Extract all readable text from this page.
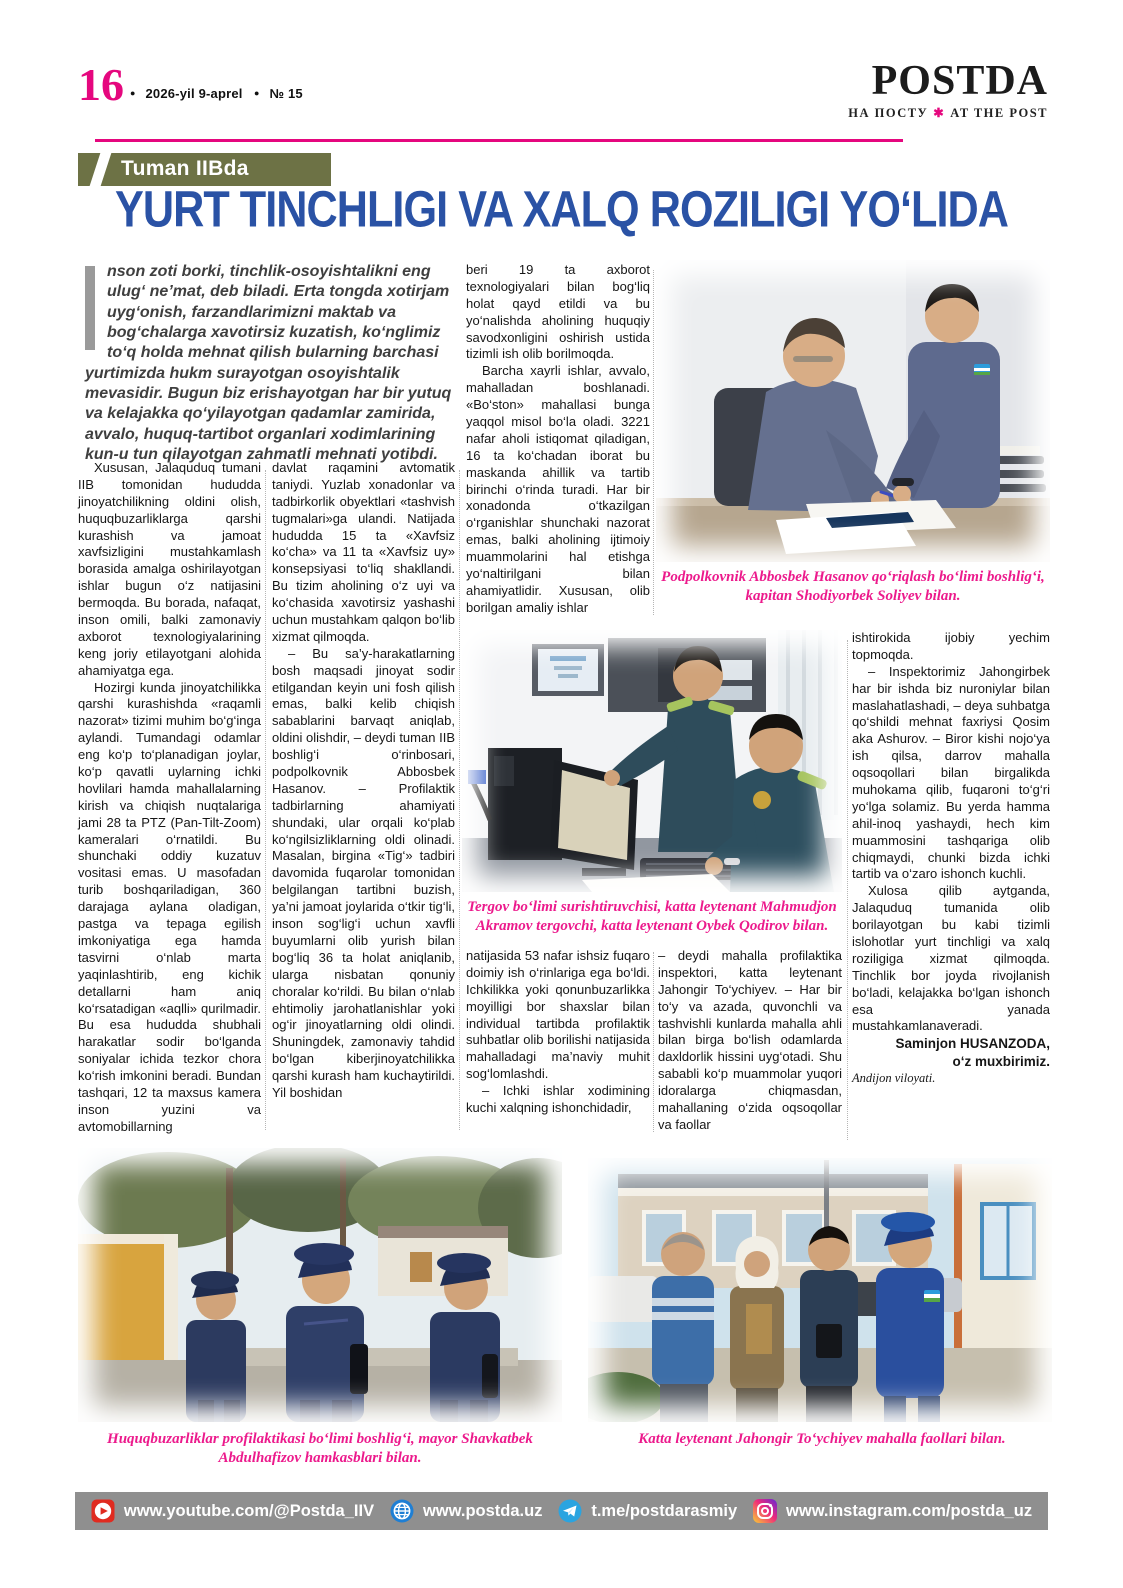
16 ● 2026-yil 9-aprel ● № 15	POSTDA
НА ПОСТУ ✱ AT THE POST
Tuman IIBda
YURT TINCHLIGI VA XALQ ROZILIGI YO‘LIDA
nson zoti borki, tinchlik-osoyishtalikni eng ulug‘ ne’mat, deb biladi. Erta tongda xotirjam uyg‘onish, farzandlarimizni maktab va bog‘chalarga xavotirsiz kuzatish, ko‘nglimiz to‘q holda mehnat qilish bularning barchasi yurtimizda hukm surayotgan osoyishtalik mevasidir. Bugun biz erishayotgan har bir yutuq va kelajakka qo‘yilayotgan qadamlar zamirida, avvalo, huquq-tartibot organlari xodimlarining kun-u tun qilayotgan zahmatli mehnati yotibdi.

Xususan, Jalaquduq tumani IIB tomonidan hududda jinoyatchilikning oldini olish, huquqbuzarliklarga qarshi kurashish va jamoat xavfsizligini mustahkamlash borasida amalga oshirilayotgan ishlar bugun o‘z natijasini bermoqda. Bu borada, nafaqat, inson omili, balki zamonaviy axborot texnologiyalarining keng joriy etilayotgani alohida ahamiyatga ega.

Hozirgi kunda jinoyatchilikka qarshi kurashishda «raqamli nazorat» tizimi muhim bo‘g‘inga aylandi. Tumandagi odamlar eng ko‘p to‘planadigan joylar, ko‘p qavatli uylarning ichki hovlilari hamda mahallalarning kirish va chiqish nuqtalariga jami 28 ta PTZ (Pan-Tilt-Zoom) kameralari o‘rnatildi. Bu shunchaki oddiy kuzatuv vositasi emas. U masofadan turib boshqariladigan, 360 darajaga aylana oladigan, pastga va tepaga egilish imkoniyatiga ega hamda tasvirni o‘nlab marta yaqinlashtirib, eng kichik detallarni ham aniq ko‘rsatadigan «aqlli» qurilmadir. Bu esa hududda shubhali harakatlar sodir bo‘lganda soniyalar ichida tezkor chora ko‘rish imkonini beradi. Bundan tashqari, 12 ta maxsus kamera inson yuzini va avtomobillarning

davlat raqamini avtomatik taniydi. Yuzlab xonadonlar va tadbirkorlik obyektlari «tashvish tugmalari»ga ulandi. Natijada hududda 15 ta «Xavfsiz ko‘cha» va 11 ta «Xavfsiz uy» konsepsiyasi to‘liq shakllandi. Bu tizim aholining o‘z uyi va ko‘chasida xavotirsiz yashashi uchun mustahkam qalqon bo‘lib xizmat qilmoqda.

– Bu sa’y-harakatlarning bosh maqsadi jinoyat sodir etilgandan keyin uni fosh qilish emas, balki kelib chiqish sabablarini barvaqt aniqlab, oldini olishdir, – deydi tuman IIB boshlig‘i o‘rinbosari, podpolkovnik Abbosbek Hasanov. – Profilaktik tadbirlarning ahamiyati shundaki, ular orqali ko‘plab ko‘ngilsizliklarning oldi olinadi. Masalan, birgina «Tig‘» tadbiri davomida fuqarolar tomonidan belgilangan tartibni buzish, ya’ni jamoat joylarida o‘tkir tig‘li, inson sog‘lig‘i uchun xavfli buyumlarni olib yurish bilan bog‘liq 36 ta holat aniqlanib, ularga nisbatan qonuniy choralar ko‘rildi. Bu bilan o‘nlab ehtimoliy jarohatlanishlar yoki og‘ir jinoyatlarning oldi olindi. Shuningdek, zamonaviy tahdid bo‘lgan kiberjinoyatchilikka qarshi kurash ham kuchaytirildi. Yil boshidan

beri 19 ta axborot texnologiyalari bilan bog‘liq holat qayd etildi va bu yo‘nalishda aholining huquqiy savodxonligini oshirish ustida tizimli ish olib borilmoqda.

Barcha xayrli ishlar, avvalo, mahalladan boshlanadi. «Bo‘ston» mahallasi bunga yaqqol misol bo‘la oladi. 3221 nafar aholi istiqomat qiladigan, 16 ta ko‘chadan iborat bu maskanda ahillik va tartib birinchi o‘rinda turadi. Har bir xonadonda o‘tkazilgan o‘rganishlar shunchaki nazorat emas, balki aholining ijtimoiy muammolarini hal etishga yo‘naltirilgani bilan ahamiyatlidir. Xususan, olib borilgan amaliy ishlar

natijasida 53 nafar ishsiz fuqaro doimiy ish o‘rinlariga ega bo‘ldi. Ichkilikka yoki qonunbuzarlikka moyilligi bor shaxslar bilan individual tartibda profilaktik suhbatlar olib borilishi natijasida mahalladagi ma’naviy muhit sog‘lomlashdi.

– Ichki ishlar xodimining kuchi xalqning ishonchidadir,

– deydi mahalla profilaktika inspektori, katta leytenant Jahongir To‘ychiyev. – Har bir to‘y va azada, quvonchli va tashvishli kunlarda mahalla ahli bilan birga bo‘lish odamlarda daxldorlik hissini uyg‘otadi. Shu sababli ko‘p muammolar yuqori idoralarga chiqmasdan, mahallaning o‘zida oqsoqollar va faollar

ishtirokida ijobiy yechim topmoqda.

– Inspektorimiz Jahongirbek har bir ishda biz nuroniylar bilan maslahatlashadi, – deya suhbatga qo‘shildi mehnat faxriysi Qosim aka Ashurov. – Biror kishi nojo‘ya ish qilsa, darrov mahalla oqsoqollari bilan birgalikda muhokama qilib, fuqaroni to‘g‘ri yo‘lga solamiz. Bu yerda hamma ahil-inoq yashaydi, hech kim muammosini tashqariga olib chiqmaydi, chunki bizda ichki tartib va o‘zaro ishonch kuchli.

Xulosa qilib aytganda, Jalaquduq tumanida olib borilayotgan bu kabi tizimli islohotlar yurt tinchligi va xalq roziligiga xizmat qilmoqda. Tinchlik bor joyda rivojlanish bo‘ladi, kelajakka bo‘lgan ishonch esa yanada mustahkamlanaveradi.

Saminjon HUSANZODA,

o‘z muxbirimiz.

Andijon viloyati.

Podpolkovnik Abbosbek Hasanov qo‘riqlash bo‘limi boshlig‘i, kapitan Shodiyorbek Soliyev bilan.
Tergov bo‘limi surishtiruvchisi, katta leytenant Mahmudjon Akramov tergovchi, katta leytenant Oybek Qodirov bilan.
Huquqbuzarliklar profilaktikasi bo‘limi boshlig‘i, mayor Shavkatbek Abdulhafizov hamkasblari bilan.
Katta leytenant Jahongir To‘ychiyev mahalla faollari bilan.
www.youtube.com/@Postda_IIV	www.postda.uz	t.me/postdarasmiy	www.instagram.com/postda_uz
